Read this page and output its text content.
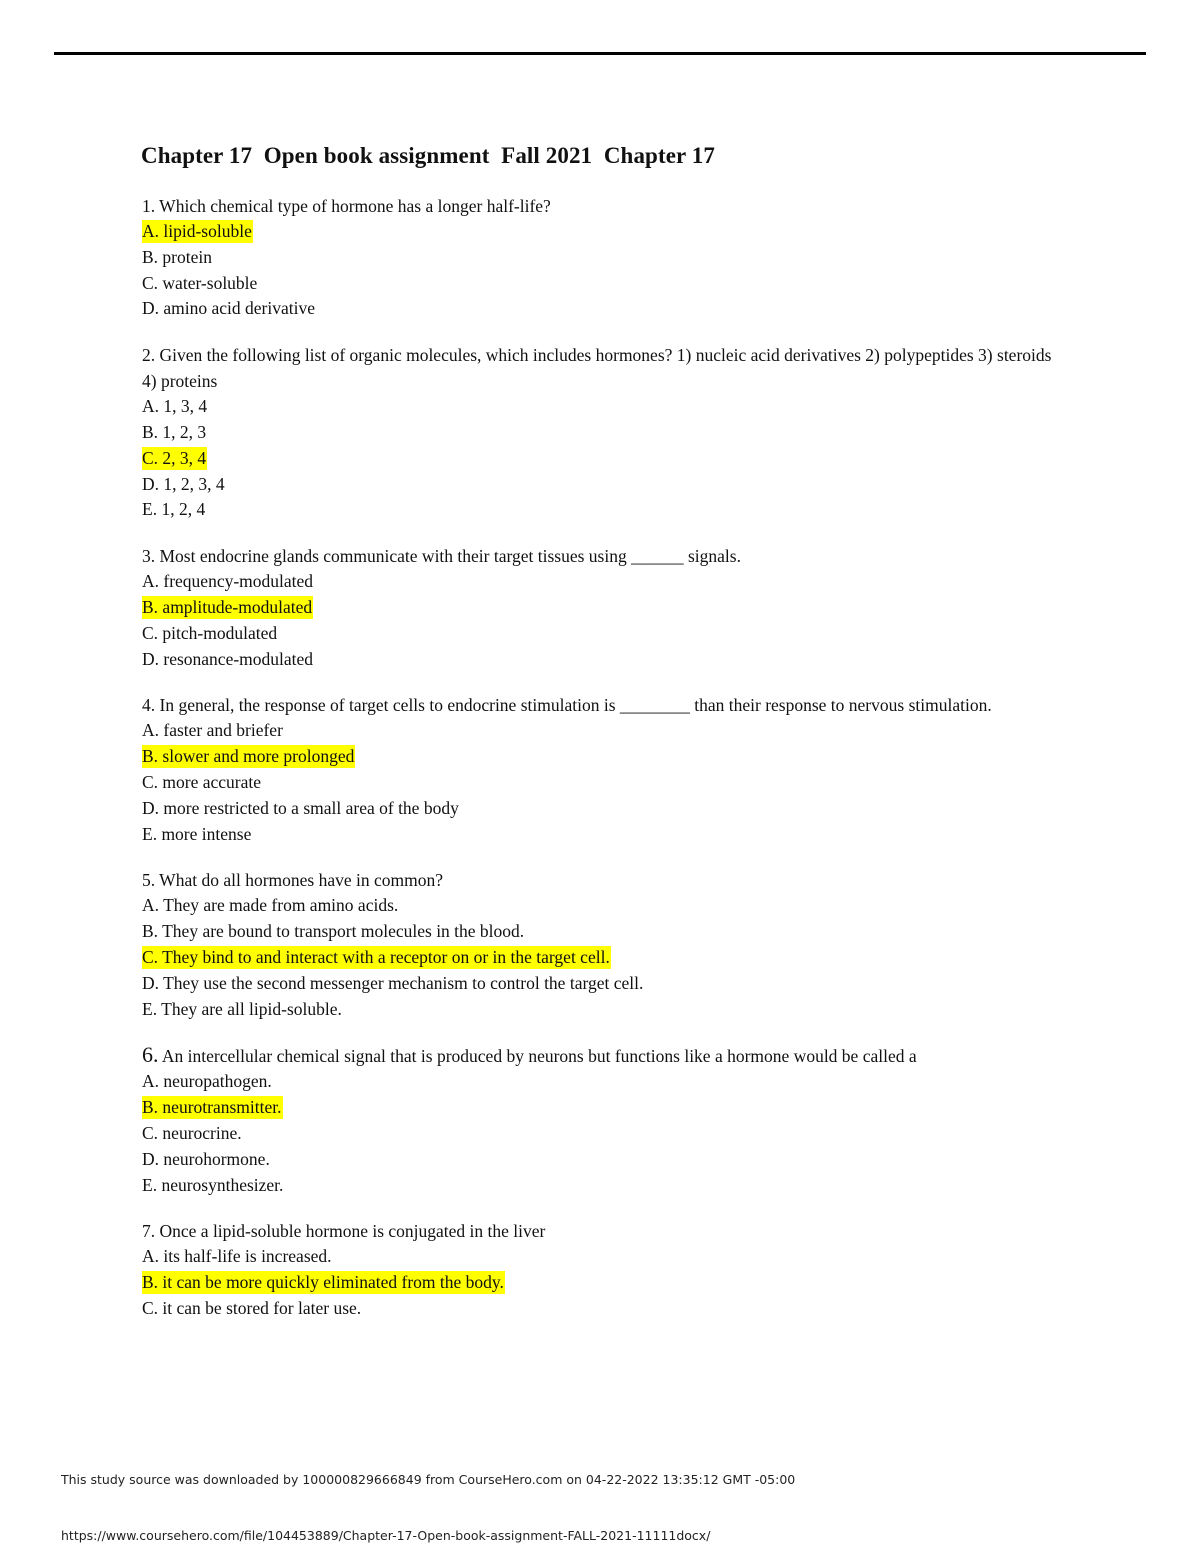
Chapter 17  Open book assignment  Fall 2021  Chapter 17
1. Which chemical type of hormone has a longer half-life?
A. lipid-soluble
B. protein
C. water-soluble
D. amino acid derivative
2. Given the following list of organic molecules, which includes hormones? 1) nucleic acid derivatives 2) polypeptides 3) steroids 4) proteins
A. 1, 3, 4
B. 1, 2, 3
C. 2, 3, 4
D. 1, 2, 3, 4
E. 1, 2, 4
3. Most endocrine glands communicate with their target tissues using ______ signals.
A. frequency-modulated
B. amplitude-modulated
C. pitch-modulated
D. resonance-modulated
4. In general, the response of target cells to endocrine stimulation is ________ than their response to nervous stimulation.
A. faster and briefer
B. slower and more prolonged
C. more accurate
D. more restricted to a small area of the body
E. more intense
5. What do all hormones have in common?
A. They are made from amino acids.
B. They are bound to transport molecules in the blood.
C. They bind to and interact with a receptor on or in the target cell.
D. They use the second messenger mechanism to control the target cell.
E. They are all lipid-soluble.
6. An intercellular chemical signal that is produced by neurons but functions like a hormone would be called a
A. neuropathogen.
B. neurotransmitter.
C. neurocrine.
D. neurohormone.
E. neurosynthesizer.
7. Once a lipid-soluble hormone is conjugated in the liver
A. its half-life is increased.
B. it can be more quickly eliminated from the body.
C. it can be stored for later use.
This study source was downloaded by 100000829666849 from CourseHero.com on 04-22-2022 13:35:12 GMT -05:00
https://www.coursehero.com/file/104453889/Chapter-17-Open-book-assignment-FALL-2021-11111docx/
